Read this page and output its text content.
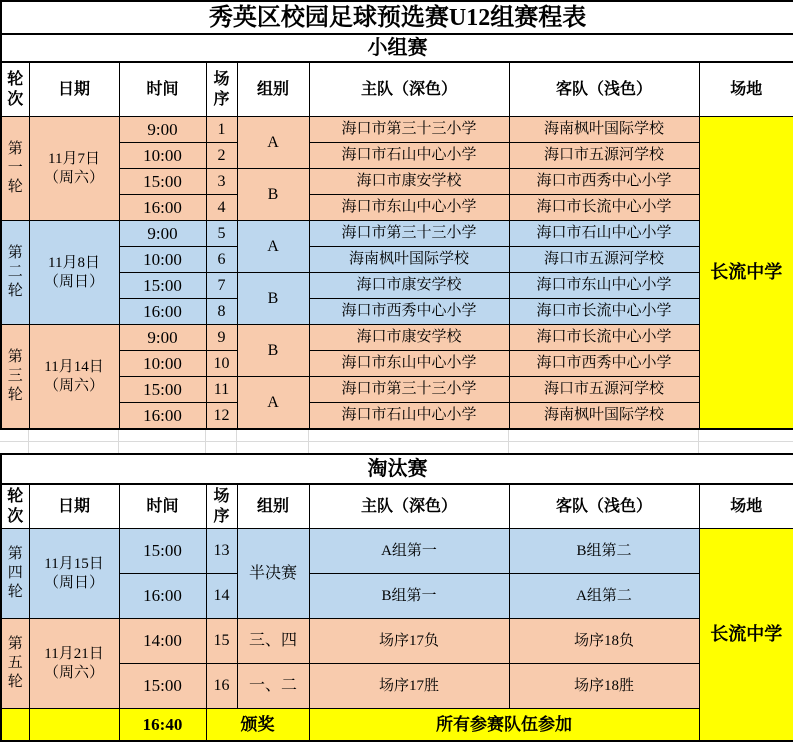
秀英区校园足球预选赛U12组赛程表							
小组赛							
轮次	日期	时间	场序	组别	主队（深色）	客队（浅色）	场地
第一轮	11月7日
（周六）	9:00	1	A	海口市第三十三小学	海南枫叶国际学校	长流中学
		10:00	2		海口市石山中心小学	海口市五源河学校	
		15:00	3	B	海口市康安学校	海口市西秀中心小学	
		16:00	4		海口市东山中心小学	海口市长流中心小学	
第二轮	11月8日
（周日）	9:00	5	A	海口市第三十三小学	海口市石山中心小学	
		10:00	6		海南枫叶国际学校	海口市五源河学校	
		15:00	7	B	海口市康安学校	海口市东山中心小学	
		16:00	8		海口市西秀中心小学	海口市长流中心小学	
第三轮	11月14日
（周六）	9:00	9	B	海口市康安学校	海口市长流中心小学	
		10:00	10		海口市东山中心小学	海口市西秀中心小学	
		15:00	11	A	海口市第三十三小学	海口市五源河学校	
		16:00	12		海口市石山中心小学	海南枫叶国际学校	

淘汰赛							
轮次	日期	时间	场序	组别	主队（深色）	客队（浅色）	场地
第四轮	11月15日
（周日）	15:00	13	半决赛	A组第一	B组第二	长流中学
		16:00	14		B组第一	A组第二	
第五轮	11月21日
（周六）	14:00	15	三、四	场序17负	场序18负	
		15:00	16	一、二	场序17胜	场序18胜	
		16:40	颁奖		所有参赛队伍参加		
